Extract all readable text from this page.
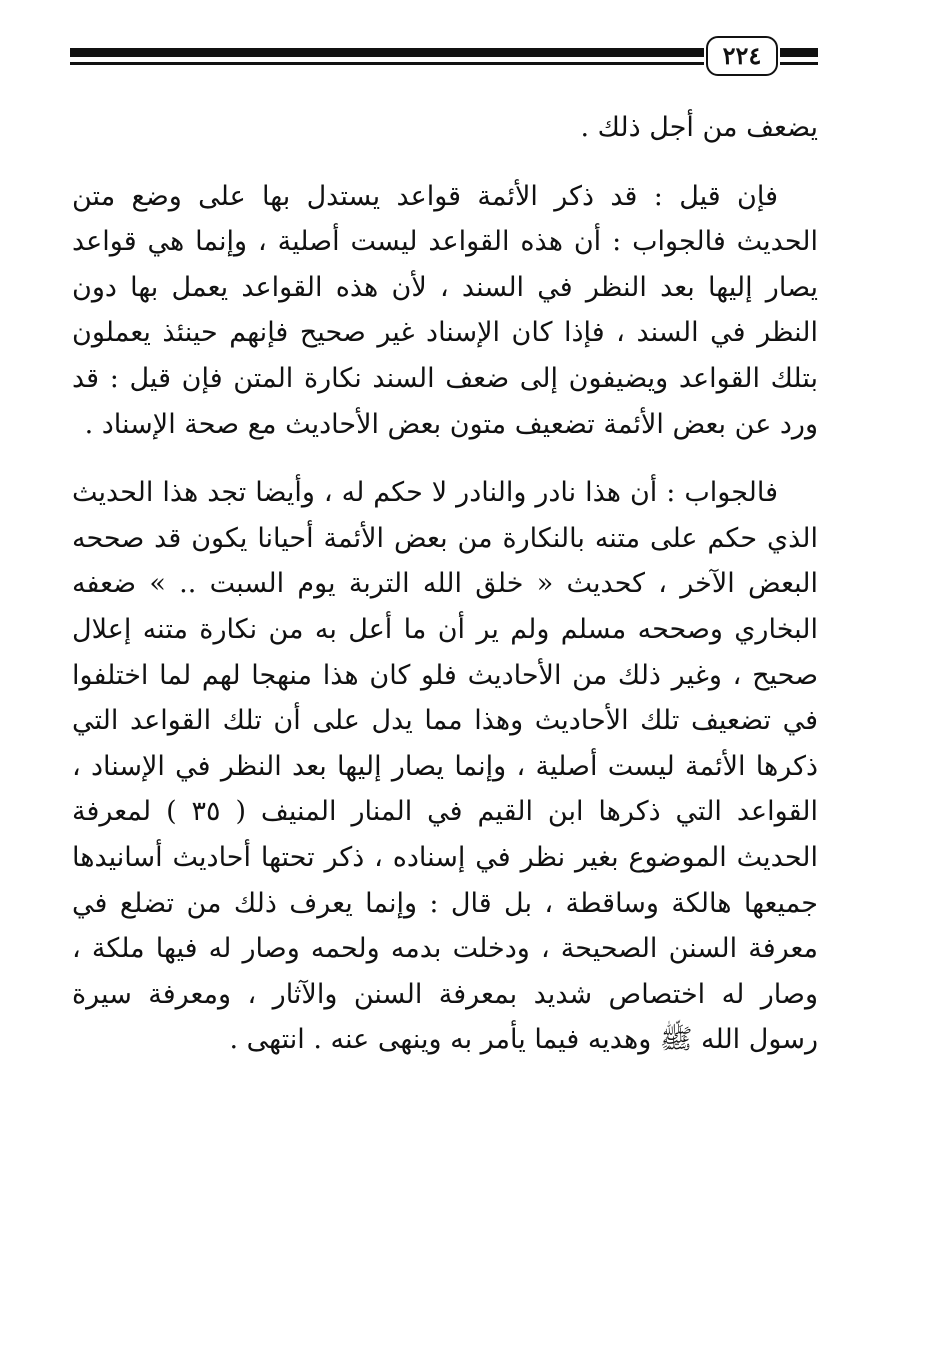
٢٢٤

يضعف من أجل ذلك .

فإن قيل : قد ذكر الأئمة قواعد يستدل بها على وضع متن الحديث فالجواب : أن هذه القواعد ليست أصلية ، وإنما هي قواعد يصار إليها بعد النظر في السند ، لأن هذه القواعد يعمل بها دون النظر في السند ، فإذا كان الإسناد غير صحيح فإنهم حينئذ يعملون بتلك القواعد ويضيفون إلى ضعف السند نكارة المتن فإن قيل : قد ورد عن بعض الأئمة تضعيف متون بعض الأحاديث مع صحة الإسناد .

فالجواب : أن هذا نادر والنادر لا حكم له ، وأيضا تجد هذا الحديث الذي حكم على متنه بالنكارة من بعض الأئمة أحيانا يكون قد صححه البعض الآخر ، كحديث « خلق الله التربة يوم السبت .. » ضعفه البخاري وصححه مسلم ولم ير أن ما أعل به من نكارة متنه إعلال صحيح ، وغير ذلك من الأحاديث فلو كان هذا منهجا لهم لما اختلفوا في تضعيف تلك الأحاديث وهذا مما يدل على أن تلك القواعد التي ذكرها الأئمة ليست أصلية ، وإنما يصار إليها بعد النظر في الإسناد ، القواعد التي ذكرها ابن القيم في المنار المنيف ( ٣٥ ) لمعرفة الحديث الموضوع بغير نظر في إسناده ، ذكر تحتها أحاديث أسانيدها جميعها هالكة وساقطة ، بل قال : وإنما يعرف ذلك من تضلع في معرفة السنن الصحيحة ، ودخلت بدمه ولحمه وصار له فيها ملكة ، وصار له اختصاص شديد بمعرفة السنن والآثار ، ومعرفة سيرة رسول الله ﷺ وهديه فيما يأمر به وينهى عنه . انتهى .
